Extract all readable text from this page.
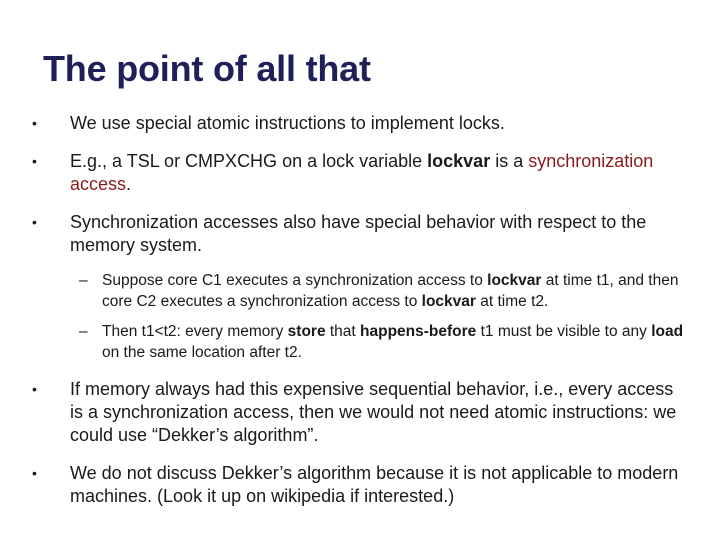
The point of all that
• We use special atomic instructions to implement locks.
• E.g., a TSL or CMPXCHG on a lock variable lockvar is a synchronization access.
• Synchronization accesses also have special behavior with respect to the memory system.
– Suppose core C1 executes a synchronization access to lockvar at time t1, and then core C2 executes a synchronization access to lockvar at time t2.
– Then t1<t2: every memory store that happens-before t1 must be visible to any load on the same location after t2.
• If memory always had this expensive sequential behavior, i.e., every access is a synchronization access, then we would not need atomic instructions: we could use “Dekker’s algorithm”.
• We do not discuss Dekker’s algorithm because it is not applicable to modern machines. (Look it up on wikipedia if interested.)
